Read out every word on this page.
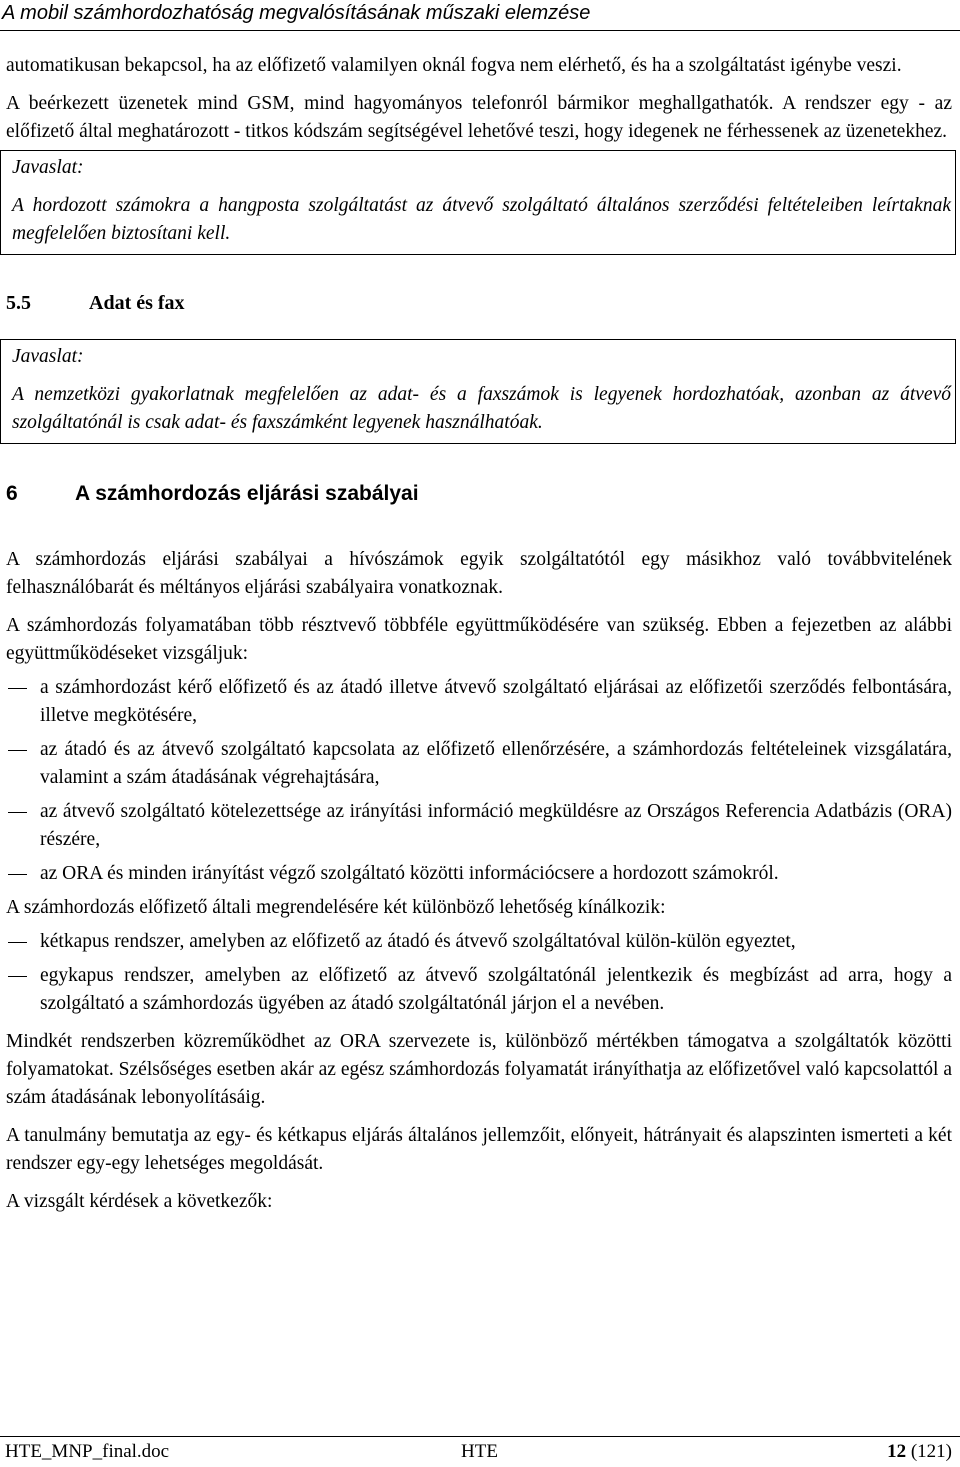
A mobil számhordozhatóság megvalósításának műszaki elemzése

automatikusan bekapcsol, ha az előfizető valamilyen oknál fogva nem elérhető, és ha a szolgáltatást igénybe veszi.

A beérkezett üzenetek mind GSM, mind hagyományos telefonról bármikor meghallgathatók. A rendszer egy - az előfizető által meghatározott - titkos kódszám segítségével lehetővé teszi, hogy idegenek ne férhessenek az üzenetekhez.

Javaslat:

A hordozott számokra a hangposta szolgáltatást az átvevő szolgáltató általános szerződési feltételeiben leírtaknak megfelelően biztosítani kell.

5.5	Adat és fax

Javaslat:

A nemzetközi gyakorlatnak megfelelően az adat- és a faxszámok is legyenek hordozhatóak, azonban az átvevő szolgáltatónál is csak adat- és faxszámként legyenek használhatóak.

6	A számhordozás eljárási szabályai

A számhordozás eljárási szabályai a hívószámok egyik szolgáltatótól egy másikhoz való továbbvitelének felhasználóbarát és méltányos eljárási szabályaira vonatkoznak.

A számhordozás folyamatában több résztvevő többféle együttműködésére van szükség. Ebben a fejezetben az alábbi együttműködéseket vizsgáljuk:

a számhordozást kérő előfizető és az átadó illetve átvevő szolgáltató eljárásai az előfizetői szerződés felbontására, illetve megkötésére,
az átadó és az átvevő szolgáltató kapcsolata az előfizető ellenőrzésére, a számhordozás feltételeinek vizsgálatára, valamint a szám átadásának végrehajtására,
az átvevő szolgáltató kötelezettsége az irányítási információ megküldésre az Országos Referencia Adatbázis (ORA) részére,
az ORA és minden irányítást végző szolgáltató közötti információcsere a hordozott számokról.

A számhordozás előfizető általi megrendelésére két különböző lehetőség kínálkozik:

kétkapus rendszer, amelyben az előfizető az átadó és átvevő szolgáltatóval külön-külön egyeztet,
egykapus rendszer, amelyben az előfizető az átvevő szolgáltatónál jelentkezik és megbízást ad arra, hogy a szolgáltató a számhordozás ügyében az átadó szolgáltatónál járjon el a nevében.

Mindkét rendszerben közreműködhet az ORA szervezete is, különböző mértékben támogatva a szolgáltatók közötti folyamatokat. Szélsőséges esetben akár az egész számhordozás folyamatát irányíthatja az előfizetővel való kapcsolattól a szám átadásának lebonyolításáig.

A tanulmány bemutatja az egy- és kétkapus eljárás általános jellemzőit, előnyeit, hátrányait és alapszinten ismerteti a két rendszer egy-egy lehetséges megoldását.

A vizsgált kérdések a következők:

HTE_MNP_final.doc	HTE	12 (121)
